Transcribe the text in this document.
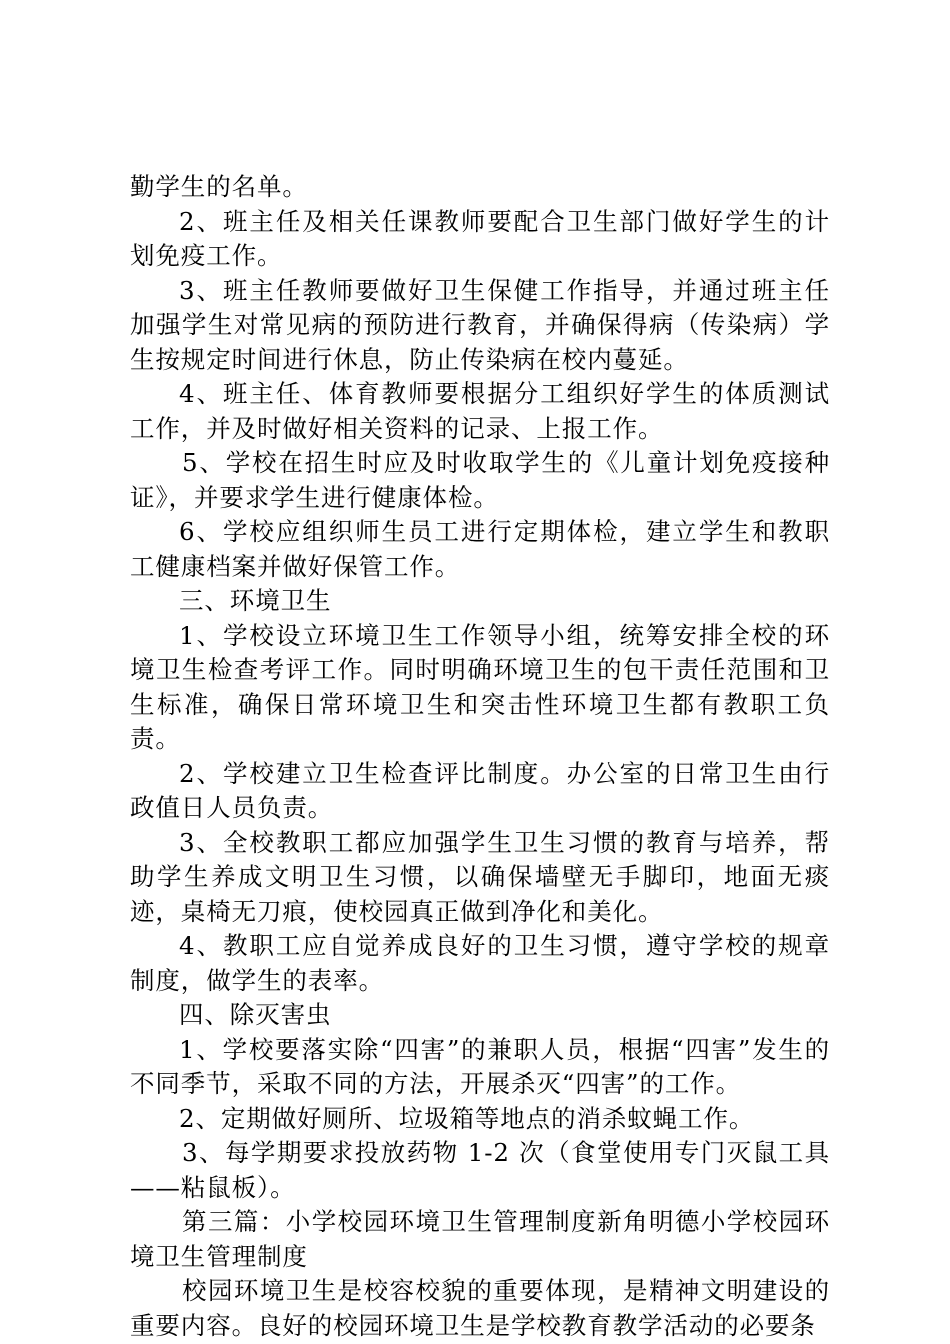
勤学生的名单。

2、班主任及相关任课教师要配合卫生部门做好学生的计划免疫工作。

3、班主任教师要做好卫生保健工作指导，并通过班主任加强学生对常见病的预防进行教育，并确保得病（传染病）学生按规定时间进行休息，防止传染病在校内蔓延。

4、班主任、体育教师要根据分工组织好学生的体质测试工作，并及时做好相关资料的记录、上报工作。

5、学校在招生时应及时收取学生的《儿童计划免疫接种证》，并要求学生进行健康体检。

6、学校应组织师生员工进行定期体检，建立学生和教职工健康档案并做好保管工作。

三、环境卫生

1、学校设立环境卫生工作领导小组，统筹安排全校的环境卫生检查考评工作。同时明确环境卫生的包干责任范围和卫生标准，确保日常环境卫生和突击性环境卫生都有教职工负责。

2、学校建立卫生检查评比制度。办公室的日常卫生由行政值日人员负责。

3、全校教职工都应加强学生卫生习惯的教育与培养，帮助学生养成文明卫生习惯，以确保墙壁无手脚印，地面无痰迹，桌椅无刀痕，使校园真正做到净化和美化。

4、教职工应自觉养成良好的卫生习惯，遵守学校的规章制度，做学生的表率。

四、除灭害虫

1、学校要落实除“四害”的兼职人员，根据“四害”发生的不同季节，采取不同的方法，开展杀灭“四害”的工作。

2、定期做好厕所、垃圾箱等地点的消杀蚊蝇工作。

3、每学期要求投放药物 1-2 次（食堂使用专门灭鼠工具——粘鼠板）。

第三篇：小学校园环境卫生管理制度新角明德小学校园环境卫生管理制度

校园环境卫生是校容校貌的重要体现，是精神文明建设的重要内容。良好的校园环境卫生是学校教育教学活动的必要条
